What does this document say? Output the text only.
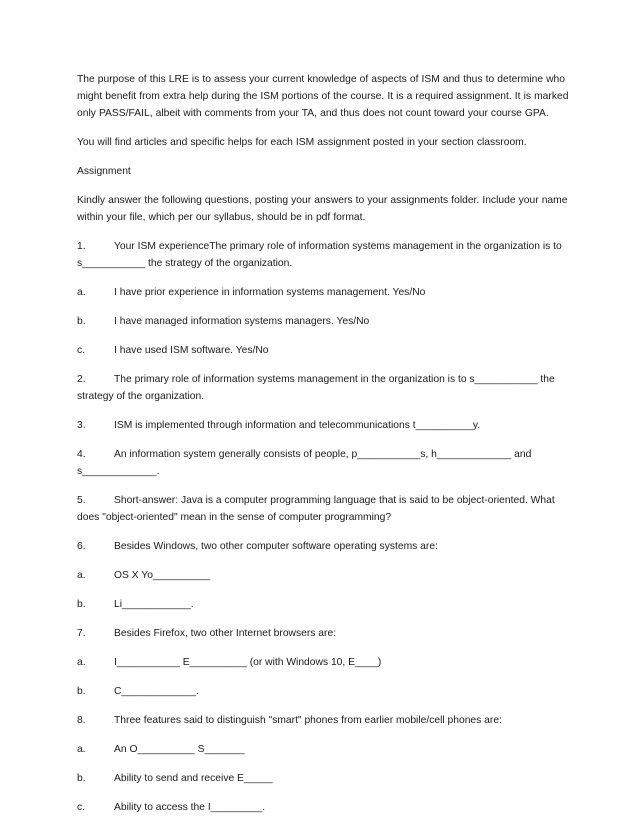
The purpose of this LRE is to assess your current knowledge of aspects of ISM and thus to determine who might benefit from extra help during the ISM portions of the course. It is a required assignment. It is marked only PASS/FAIL, albeit with comments from your TA, and thus does not count toward your course GPA.

You will find articles and specific helps for each ISM assignment posted in your section classroom.

Assignment

Kindly answer the following questions, posting your answers to your assignments folder. Include your name within your file, which per our syllabus, should be in pdf format.

1.	Your ISM experienceThe primary role of information systems management in the organization is to s___________ the strategy of the organization.
a.	I have prior experience in information systems management. Yes/No
b.	I have managed information systems managers. Yes/No
c.	I have used ISM software. Yes/No
2.	The primary role of information systems management in the organization is to s___________ the strategy of the organization.
3.	ISM is implemented through information and telecommunications t__________y.
4.	An information system generally consists of people, p___________s, h_____________ and s_____________.
5.	Short-answer: Java is a computer programming language that is said to be object-oriented. What does "object-oriented" mean in the sense of computer programming?
6.	Besides Windows, two other computer software operating systems are:
a.	OS X Yo__________
b.	Li____________.
7.	Besides Firefox, two other Internet browsers are:
a.	I___________ E__________ (or with Windows 10, E____)
b.	C_____________.
8.	Three features said to distinguish "smart" phones from earlier mobile/cell phones are:
a.	An O__________ S_______
b.	Ability to send and receive E_____
c.	Ability to access the I_________.
